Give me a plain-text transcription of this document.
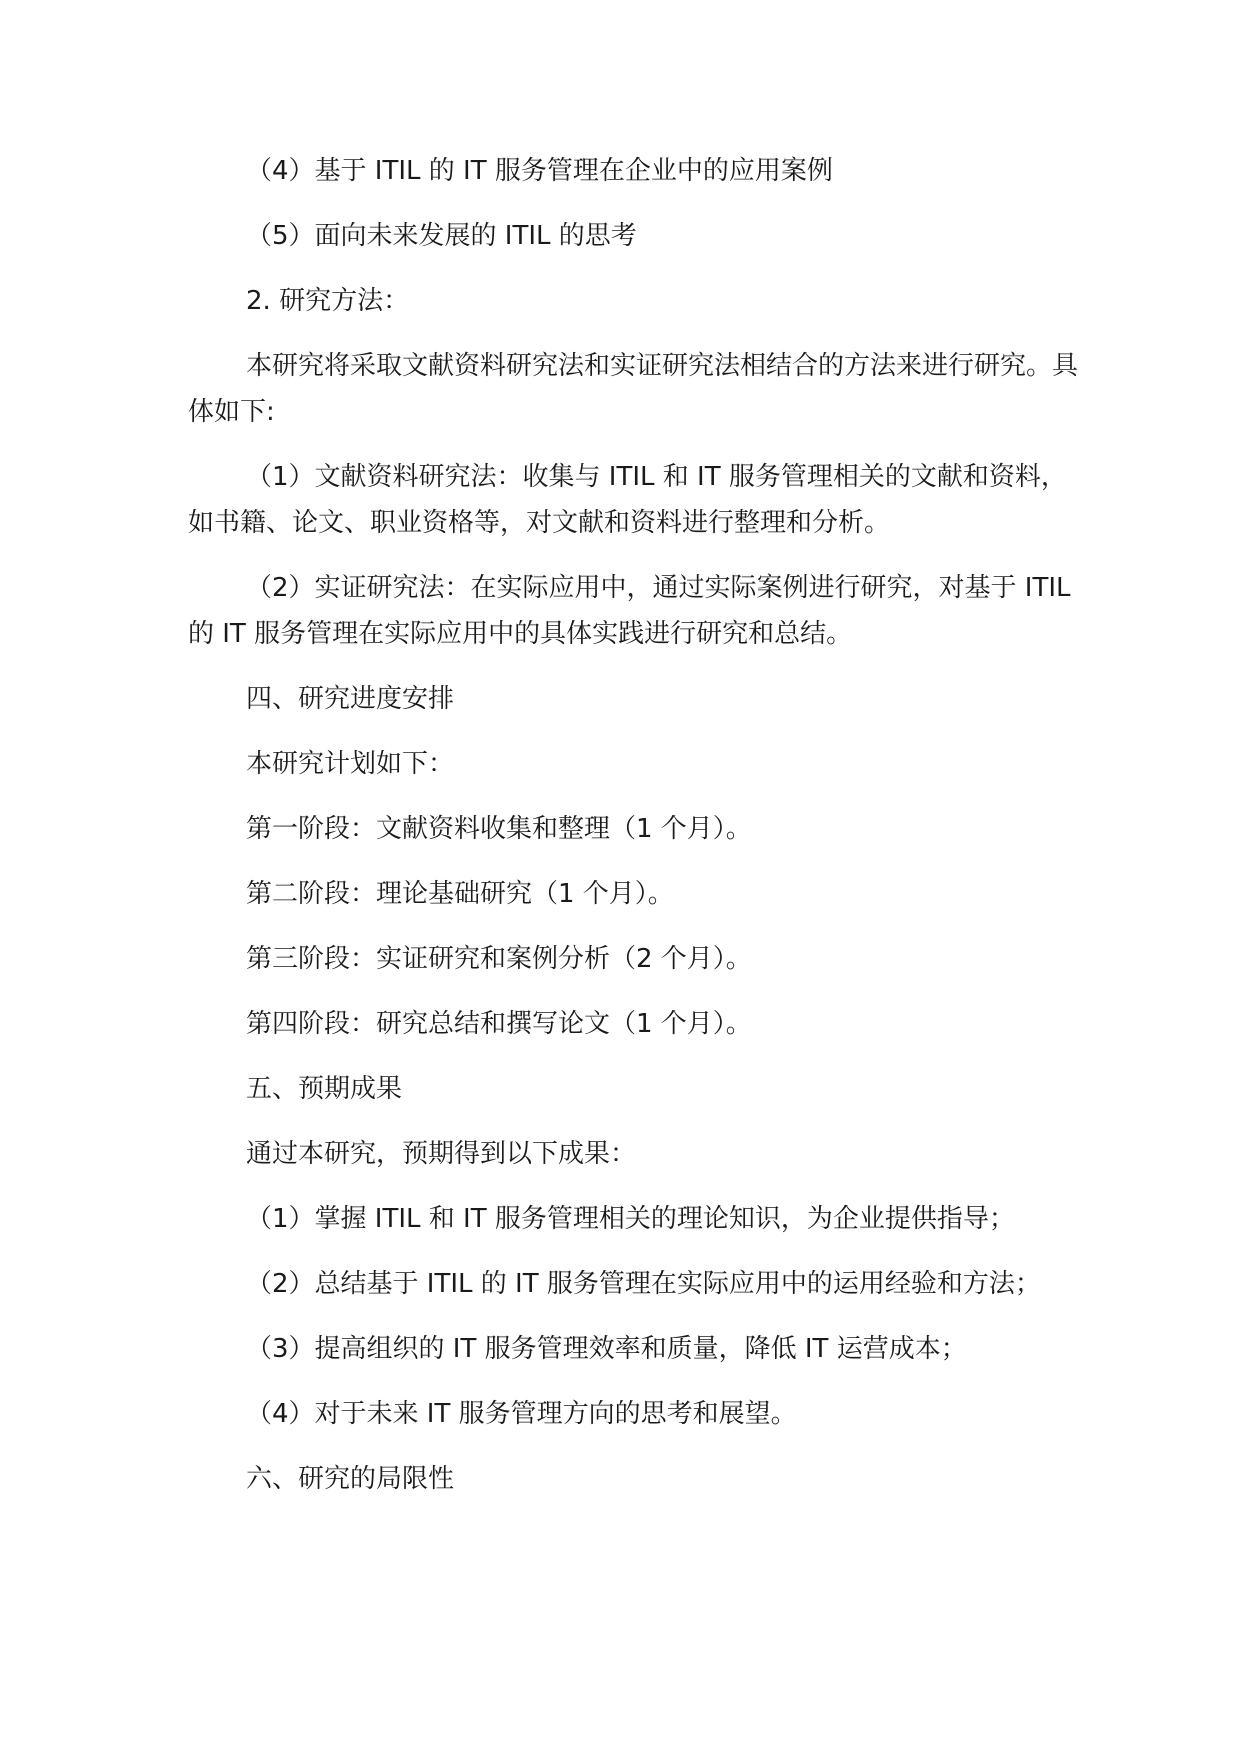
（4）基于 ITIL 的 IT 服务管理在企业中的应用案例

（5）面向未来发展的 ITIL 的思考

2. 研究方法：

本研究将采取文献资料研究法和实证研究法相结合的方法来进行研究。具体如下:

（1）文献资料研究法：收集与 ITIL 和 IT 服务管理相关的文献和资料，如书籍、论文、职业资格等，对文献和资料进行整理和分析。

（2）实证研究法：在实际应用中，通过实际案例进行研究，对基于 ITIL 的 IT 服务管理在实际应用中的具体实践进行研究和总结。

四、研究进度安排

本研究计划如下：

第一阶段：文献资料收集和整理（1 个月）。

第二阶段：理论基础研究（1 个月）。

第三阶段：实证研究和案例分析（2 个月）。

第四阶段：研究总结和撰写论文（1 个月）。

五、预期成果

通过本研究，预期得到以下成果：

（1）掌握 ITIL 和 IT 服务管理相关的理论知识，为企业提供指导；

（2）总结基于 ITIL 的 IT 服务管理在实际应用中的运用经验和方法；

（3）提高组织的 IT 服务管理效率和质量，降低 IT 运营成本；

（4）对于未来 IT 服务管理方向的思考和展望。

六、研究的局限性
